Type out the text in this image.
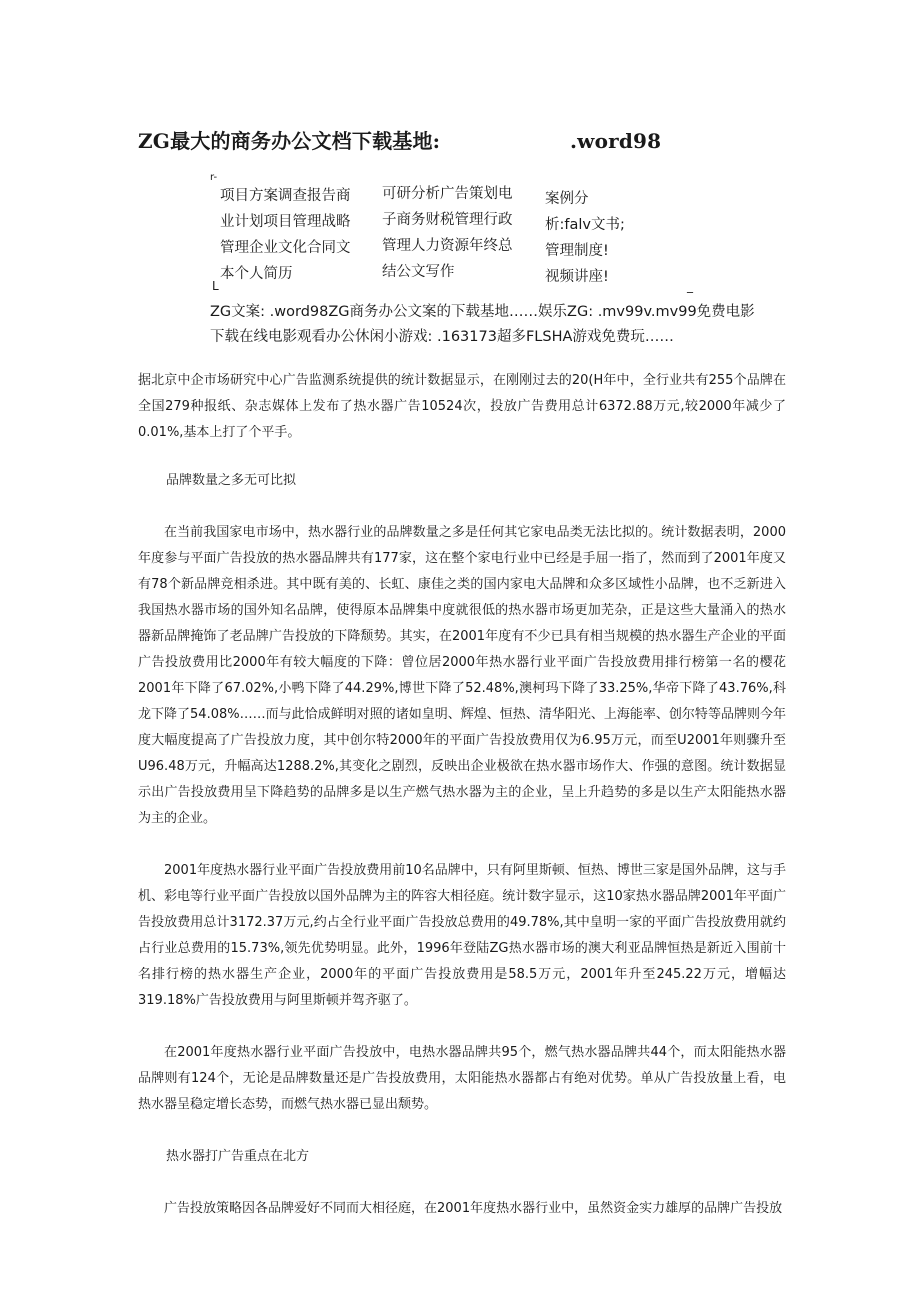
ZG最大的商务办公文档下载基地:	.word98
r-
项目方案调查报告商
业计划项目管理战略
管理企业文化合同文
本个人简历
可研分析广告策划电
子商务财税管理行政
管理人力资源年终总
结公文写作
案例分
析:falv文书;
管理制度!
视频讲座!
L	_
ZG文案: .word98ZG商务办公文案的下载基地……娱乐ZG: .mv99v.mv99免费电影
下载在线电影观看办公休闲小游戏: .163173超多FLSHA游戏免费玩……

据北京中企市场研究中心广告监测系统提供的统计数据显示，在刚刚过去的20(H年中，全行业共有255个品牌在全国279种报纸、杂志媒体上发布了热水器广告10524次，投放广告费用总计6372.88万元,较2000年减少了0.01%,基本上打了个平手。

品牌数量之多无可比拟

在当前我国家电市场中，热水器行业的品牌数量之多是任何其它家电品类无法比拟的。统计数据表明，2000年度参与平面广告投放的热水器品牌共有177家，这在整个家电行业中已经是手屈一指了，然而到了2001年度又有78个新品牌竞相杀进。其中既有美的、长虹、康佳之类的国内家电大品牌和众多区域性小品牌，也不乏新进入我国热水器市场的国外知名品牌，使得原本品牌集中度就很低的热水器市场更加芜杂，正是这些大量涌入的热水器新品牌掩饰了老品牌广告投放的下降颓势。其实，在2001年度有不少已具有相当规模的热水器生产企业的平面广告投放费用比2000年有较大幅度的下降：曾位居2000年热水器行业平面广告投放费用排行榜第一名的樱花2001年下降了67.02%,小鸭下降了44.29%,博世下降了52.48%,澳柯玛下降了33.25%,华帝下降了43.76%,科龙下降了54.08%……而与此恰成鲜明对照的诸如皇明、辉煌、恒热、清华阳光、上海能率、创尔特等品牌则今年度大幅度提高了广告投放力度，其中创尔特2000年的平面广告投放费用仅为6.95万元，而至U2001年则骤升至U96.48万元，升幅高达1288.2%,其变化之剧烈，反映出企业极欲在热水器市场作大、作强的意图。统计数据显示出广告投放费用呈下降趋势的品牌多是以生产燃气热水器为主的企业，呈上升趋势的多是以生产太阳能热水器为主的企业。

2001年度热水器行业平面广告投放费用前10名品牌中，只有阿里斯顿、恒热、博世三家是国外品牌，这与手机、彩电等行业平面广告投放以国外品牌为主的阵容大相径庭。统计数字显示，这10家热水器品牌2001年平面广告投放费用总计3172.37万元,约占全行业平面广告投放总费用的49.78%,其中皇明一家的平面广告投放费用就约占行业总费用的15.73%,领先优势明显。此外，1996年登陆ZG热水器市场的澳大利亚品牌恒热是新近入围前十名排行榜的热水器生产企业，2000年的平面广告投放费用是58.5万元，2001年升至245.22万元，增幅达319.18%广告投放费用与阿里斯顿并驾齐驱了。

在2001年度热水器行业平面广告投放中，电热水器品牌共95个，燃气热水器品牌共44个，而太阳能热水器品牌则有124个，无论是品牌数量还是广告投放费用，太阳能热水器都占有绝对优势。单从广告投放量上看，电热水器呈稳定增长态势，而燃气热水器已显出颓势。

热水器打广告重点在北方

广告投放策略因各品牌爱好不同而大相径庭，在2001年度热水器行业中，虽然资金实力雄厚的品牌广告投放
